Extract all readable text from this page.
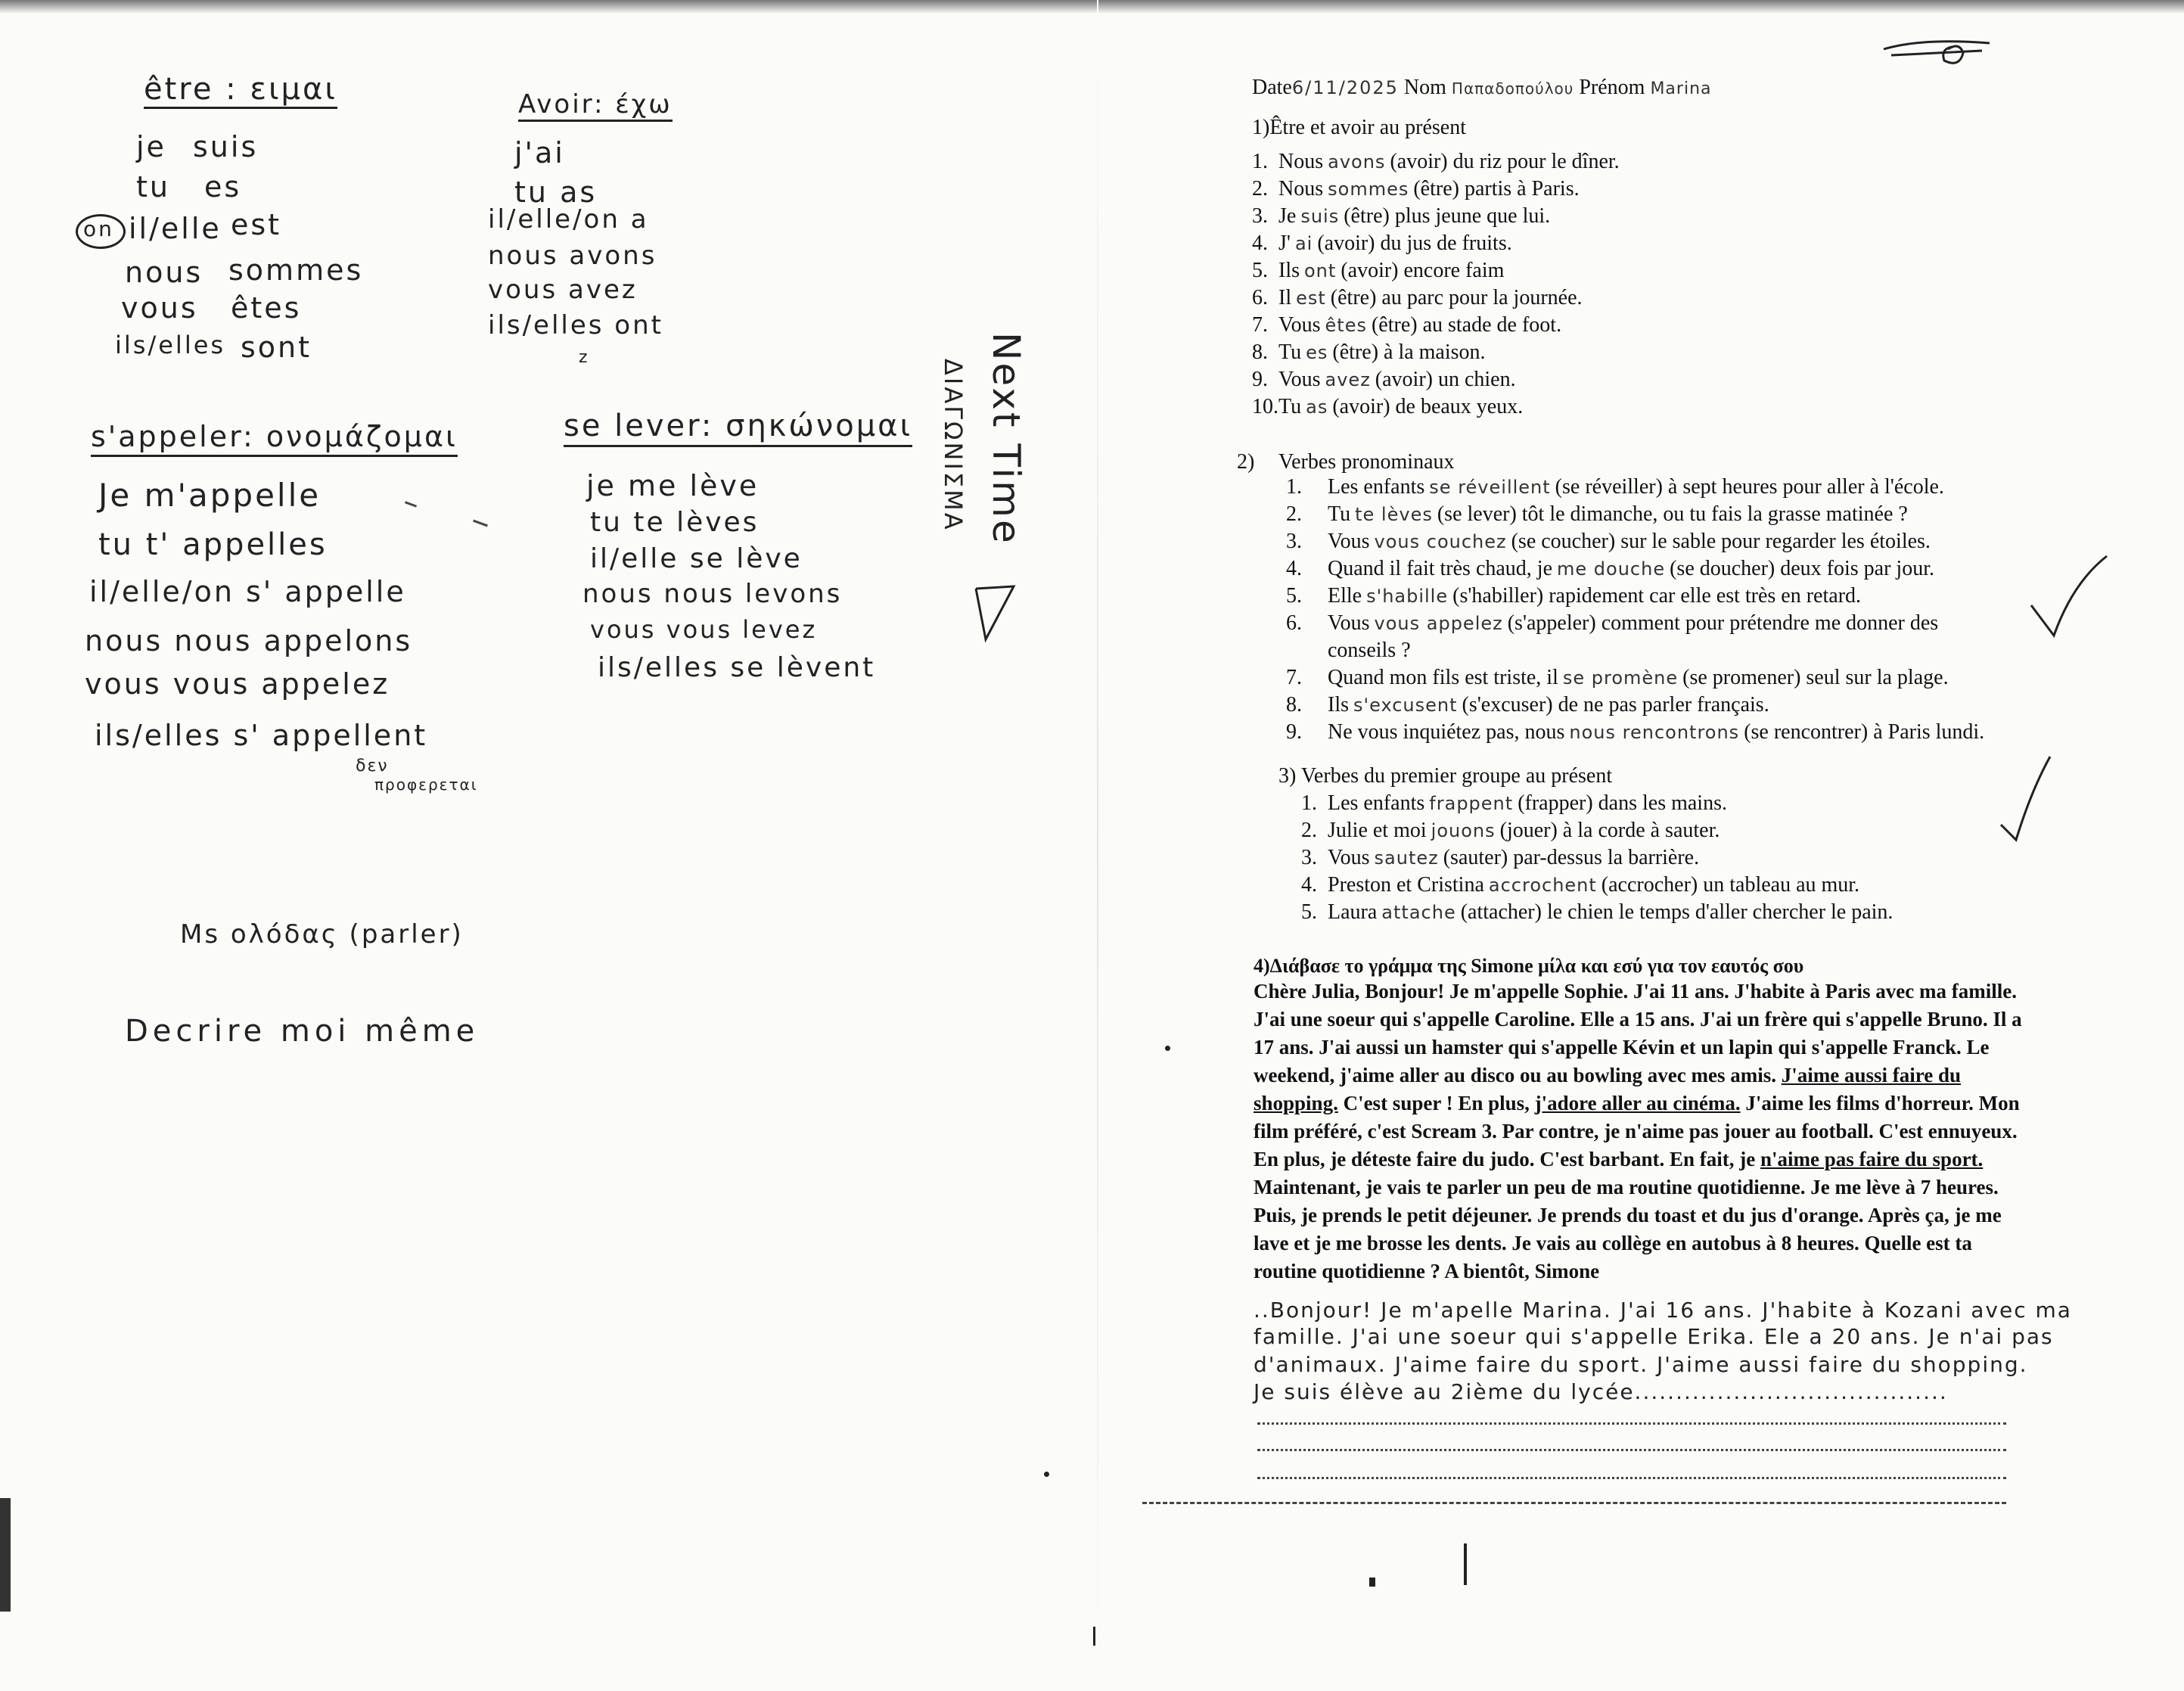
être : ειμαι
on
je suis
tu es
il/elle est
nous sommes
vous êtes
ils/elles sont
Avoir: έχω
j'ai
tu as
il/elle/on a
nous avons
vous avez
ils/elles ont
z
s'appeler: ονομάζομαι
Je m'appelle
tu t' appelles
il/elle/on s' appelle
nous nous appelons
vous vous appelez
ils/elles s' appellent
δεν
προφερεται
se lever: σηκώνομαι
je me lève
tu te lèves
il/elle se lève
nous nous levons
vous vous levez
ils/elles se lèvent
Next Time
ΔΙΑΓΩΝΙΣΜΑ
Ms ολόδας (parler)
Decrire moi même
Date6/11/2025 Nom Παπαδοπούλου Prénom Marina
1)Être et avoir au présent
1. Nous avons (avoir) du riz pour le dîner.
2. Nous sommes (être) partis à Paris.
3. Je suis (être) plus jeune que lui.
4. J' ai (avoir) du jus de fruits.
5. Ils ont (avoir) encore faim
6. Il est (être) au parc pour la journée.
7. Vous êtes (être) au stade de foot.
8. Tu es (être) à la maison.
9. Vous avez (avoir) un chien.
10.Tu as (avoir) de beaux yeux.
2) Verbes pronominaux
1. Les enfants se réveillent (se réveiller) à sept heures pour aller à l'école.
2. Tu te lèves (se lever) tôt le dimanche, ou tu fais la grasse matinée ?
3. Vous vous couchez (se coucher) sur le sable pour regarder les étoiles.
4. Quand il fait très chaud, je me douche (se doucher) deux fois par jour.
5. Elle s'habille (s'habiller) rapidement car elle est très en retard.
6. Vous vous appelez (s'appeler) comment pour prétendre me donner des
conseils ?
7. Quand mon fils est triste, il se promène (se promener) seul sur la plage.
8. Ils s'excusent (s'excuser) de ne pas parler français.
9. Ne vous inquiétez pas, nous nous rencontrons (se rencontrer) à Paris lundi.
3) Verbes du premier groupe au présent
1. Les enfants frappent (frapper) dans les mains.
2. Julie et moi jouons (jouer) à la corde à sauter.
3. Vous sautez (sauter) par-dessus la barrière.
4. Preston et Cristina accrochent (accrocher) un tableau au mur.
5. Laura attache (attacher) le chien le temps d'aller chercher le pain.
4)Διάβασε το γράμμα της Simone μίλα και εσύ για τον εαυτός σου
Chère Julia, Bonjour! Je m'appelle Sophie. J'ai 11 ans. J'habite à Paris avec ma famille. J'ai une soeur qui s'appelle Caroline. Elle a 15 ans. J'ai un frère qui s'appelle Bruno. Il a 17 ans. J'ai aussi un hamster qui s'appelle Kévin et un lapin qui s'appelle Franck. Le weekend, j'aime aller au disco ou au bowling avec mes amis. J'aime aussi faire du shopping. C'est super ! En plus, j'adore aller au cinéma. J'aime les films d'horreur. Mon film préféré, c'est Scream 3. Par contre, je n'aime pas jouer au football. C'est ennuyeux. En plus, je déteste faire du judo. C'est barbant. En fait, je n'aime pas faire du sport. Maintenant, je vais te parler un peu de ma routine quotidienne. Je me lève à 7 heures. Puis, je prends le petit déjeuner. Je prends du toast et du jus d'orange. Après ça, je me lave et je me brosse les dents. Je vais au collège en autobus à 8 heures. Quelle est ta routine quotidienne ? A bientôt, Simone
..Bonjour! Je m'apelle Marina. J'ai 16 ans. J'habite à Kozani avec ma
famille. J'ai une soeur qui s'appelle Erika. Ele a 20 ans. Je n'ai pas
d'animaux. J'aime faire du sport. J'aime aussi faire du shopping.
Je suis élève au 2ième du lycée......................................
